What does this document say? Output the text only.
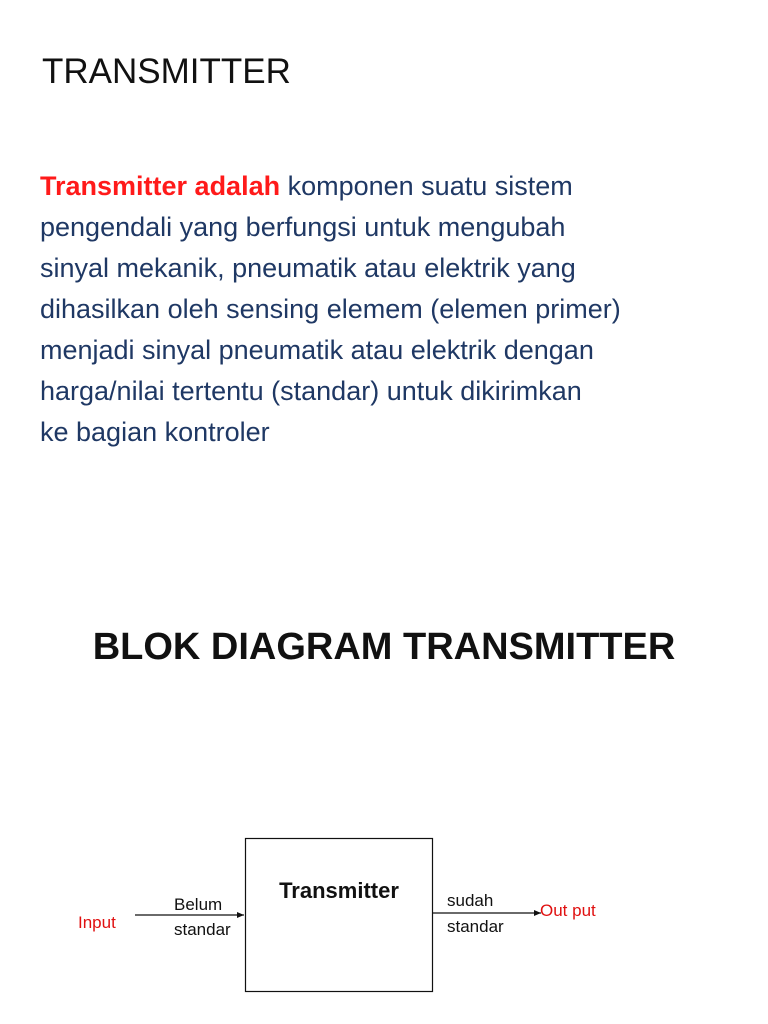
TRANSMITTER

Transmitter adalah komponen suatu sistem
pengendali yang berfungsi untuk mengubah
sinyal mekanik, pneumatik atau elektrik yang
dihasilkan oleh sensing elemem (elemen primer)
menjadi sinyal pneumatik atau elektrik dengan
harga/nilai tertentu (standar) untuk dikirimkan
ke bagian kontroler

BLOK DIAGRAM TRANSMITTER
Transmitter
Input
Belum
standar
sudah
standar
Out put
